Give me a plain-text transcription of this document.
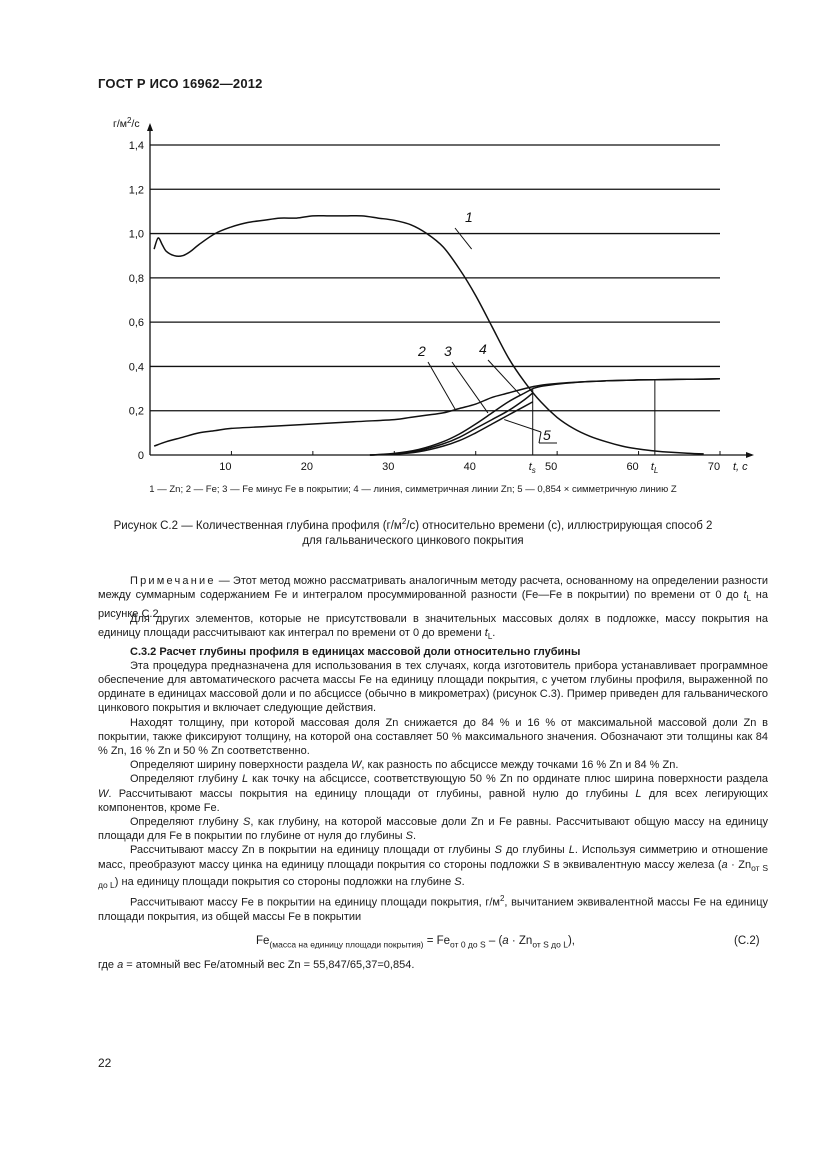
ГОСТ Р ИСО 16962—2012
0
0,2
0,4
0,6
0,8
1,0
1,2
1,4
10	20	30	40	50	60	70
$г/м^2/с$
t, с
$t_s$	$t_L$
1
2 3 4
5
1 — Zn; 2 — Fe; 3 — Fe минус Fe в покрытии; 4 — линия, симметричная линии Zn; 5 — 0,854 × симметричную линию Z
Рисунок С.2 — Количественная глубина профиля $(г/м^2/с)$ относительно времени (с), иллюстрирующая способ 2
для гальванического цинкового покрытия

Примечание — Этот метод можно рассматривать аналогичным методу расчета, основанному на определении разности между суммарным содержанием Fe и интегралом просуммированной разности (Fe—Fe в покрытии) по времени от 0 до $t_L$ на рисунке С.2.

Для других элементов, которые не присутствовали в значительных массовых долях в подложке, массу покрытия на единицу площади рассчитывают как интеграл по времени от 0 до времени $t_L$.

С.3.2 Расчет глубины профиля в единицах массовой доли относительно глубины

Эта процедура предназначена для использования в тех случаях, когда изготовитель прибора устанавливает программное обеспечение для автоматического расчета массы Fe на единицу площади покрытия, с учетом глубины профиля, выраженной по ординате в единицах массовой доли и по абсциссе (обычно в микрометрах) (рисунок С.3). Пример приведен для гальванического цинкового покрытия и включает следующие действия.

Находят толщину, при которой массовая доля Zn снижается до 84 % и 16 % от максимальной массовой доли Zn в покрытии, также фиксируют толщину, на которой она составляет 50 % максимального значения. Обозначают эти толщины как 84 % Zn, 16 % Zn и 50 % Zn соответственно.

Определяют ширину поверхности раздела W, как разность по абсциссе между точками 16 % Zn и 84 % Zn.

Определяют глубину L как точку на абсциссе, соответствующую 50 % Zn по ординате плюс ширина поверхности раздела W. Рассчитывают массы покрытия на единицу площади от глубины, равной нулю до глубины L для всех легирующих компонентов, кроме Fe.

Определяют глубину S, как глубину, на которой массовые доли Zn и Fe равны. Рассчитывают общую массу на единицу площади для Fe в покрытии по глубине от нуля до глубины S.

Рассчитывают массу Zn в покрытии на единицу площади от глубины S до глубины L. Используя симметрию и отношение масс, преобразуют массу цинка на единицу площади покрытия со стороны подложки S в эквивалентную массу железа $(a \cdot Zn_{от S до L})$ на единицу площади покрытия со стороны подложки на глубине S.

Рассчитывают массу Fe в покрытии на единицу площади покрытия, $г/м^2$, вычитанием эквивалентной массы Fe на единицу площади покрытия, из общей массы Fe в покрытии

$Fe_{(масса на единицу площади покрытия)} = Fe_{от 0 до S} - (a \cdot Zn_{от S до L})$,	(С.2)
где a = атомный вес Fe/атомный вес Zn = 55,847/65,37=0,854.
22
